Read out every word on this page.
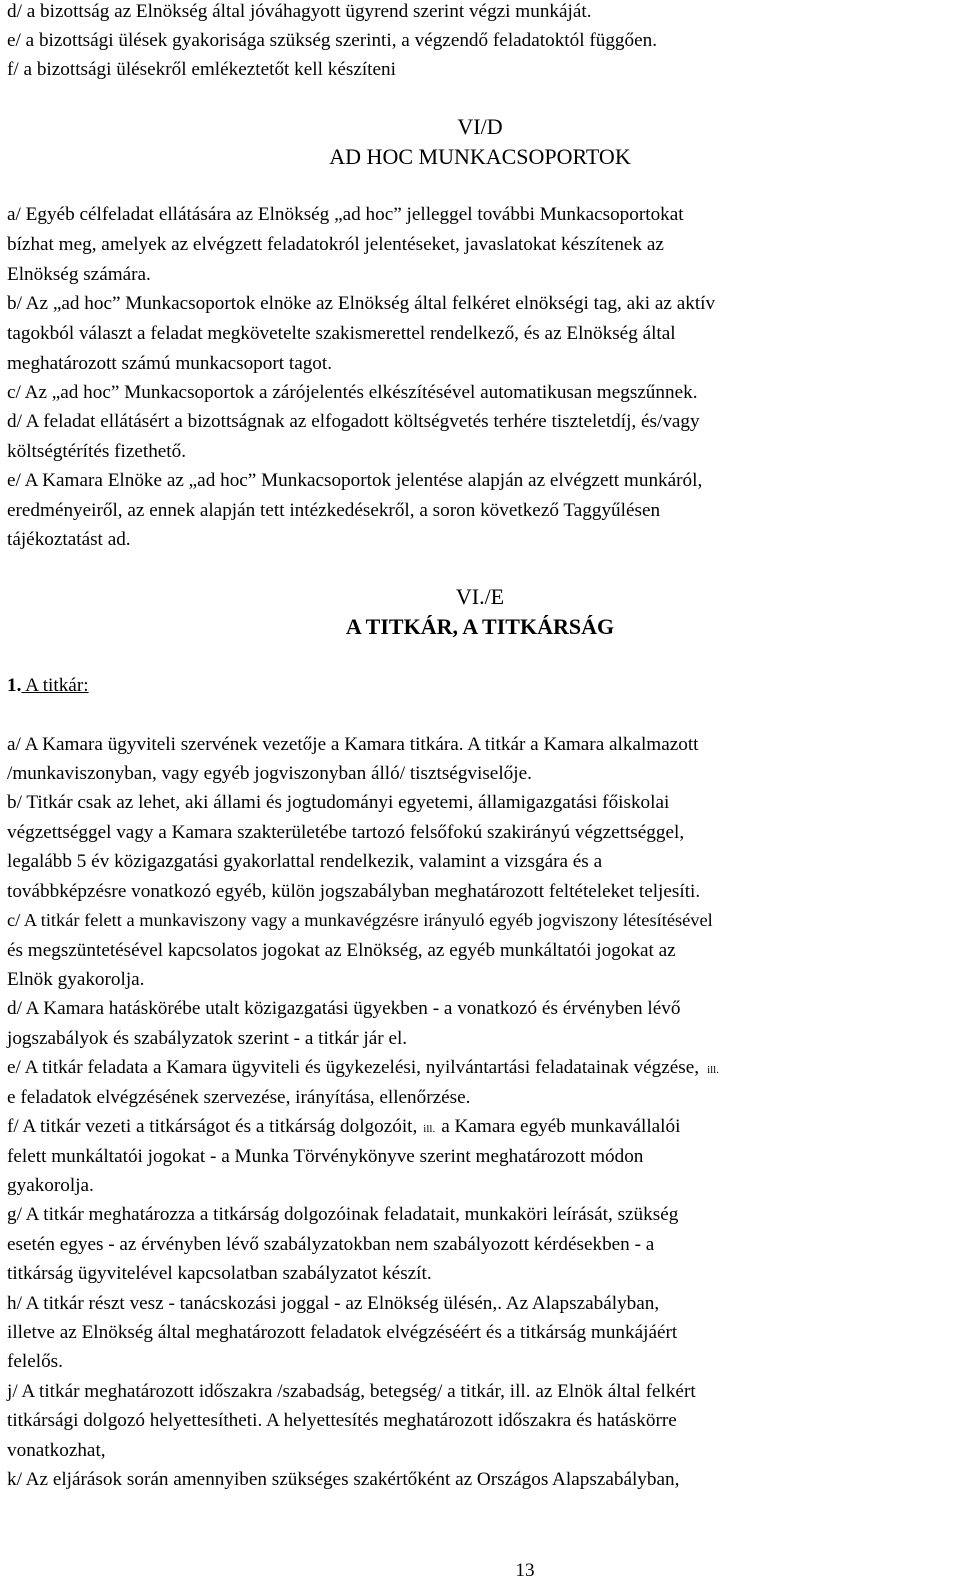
d/ a bizottság az Elnökség által jóváhagyott ügyrend szerint végzi munkáját.
e/ a bizottsági ülések gyakorisága szükség szerinti, a végzendő feladatoktól függően.
f/ a bizottsági ülésekről emlékeztetőt kell készíteni
VI/D
AD HOC MUNKACSOPORTOK
a/ Egyéb célfeladat ellátására az Elnökség „ad hoc” jelleggel további Munkacsoportokat
bízhat meg, amelyek az elvégzett feladatokról jelentéseket, javaslatokat készítenek az
Elnökség számára.
b/ Az „ad hoc” Munkacsoportok elnöke az Elnökség által felkéret elnökségi tag, aki az aktív
tagokból választ a feladat megkövetelte szakismerettel rendelkező, és az Elnökség által
meghatározott számú munkacsoport tagot.
c/ Az „ad hoc” Munkacsoportok a zárójelentés elkészítésével automatikusan megszűnnek.
d/ A feladat ellátásért a bizottságnak az elfogadott költségvetés terhére tiszteletdíj, és/vagy
költségtérítés fizethető.
e/ A Kamara Elnöke az „ad hoc” Munkacsoportok jelentése alapján az elvégzett munkáról,
eredményeiről, az ennek alapján tett intézkedésekről, a soron következő Taggyűlésen
tájékoztatást ad.
VI./E
A TITKÁR, A TITKÁRSÁG
1. A titkár:
a/ A Kamara ügyviteli szervének vezetője a Kamara titkára. A titkár a Kamara alkalmazott
/munkaviszonyban, vagy egyéb jogviszonyban álló/ tisztségviselője.
b/ Titkár csak az lehet, aki állami és jogtudományi egyetemi, államigazgatási főiskolai
végzettséggel vagy a Kamara szakterületébe tartozó felsőfokú szakirányú végzettséggel,
legalább 5 év közigazgatási gyakorlattal rendelkezik, valamint a vizsgára és a
továbbképzésre vonatkozó egyéb, külön jogszabályban meghatározott feltételeket teljesíti.
c/ A titkár felett a munkaviszony vagy a munkavégzésre irányuló egyéb jogviszony létesítésével
és megszüntetésével kapcsolatos jogokat az Elnökség, az egyéb munkáltatói jogokat az
Elnök gyakorolja.
d/ A Kamara hatáskörébe utalt közigazgatási ügyekben - a vonatkozó és érvényben lévő
jogszabályok és szabályzatok szerint - a titkár jár el.
e/ A titkár feladata a Kamara ügyviteli és ügykezelési, nyilvántartási feladatainak végzése, ill.
e feladatok elvégzésének szervezése, irányítása, ellenőrzése.
f/ A titkár vezeti a titkárságot és a titkárság dolgozóit, ill. a Kamara egyéb munkavállalói
felett munkáltatói jogokat - a Munka Törvénykönyve szerint meghatározott módon
gyakorolja.
g/ A titkár meghatározza a titkárság dolgozóinak feladatait, munkaköri leírását, szükség
esetén egyes - az érvényben lévő szabályzatokban nem szabályozott kérdésekben - a
titkárság ügyvitelével kapcsolatban szabályzatot készít.
h/ A titkár részt vesz - tanácskozási joggal - az Elnökség ülésén,. Az Alapszabályban,
illetve az Elnökség által meghatározott feladatok elvégzéséért és a titkárság munkájáért
felelős.
j/ A titkár meghatározott időszakra /szabadság, betegség/ a titkár, ill. az Elnök által felkért
titkársági dolgozó helyettesítheti. A helyettesítés meghatározott időszakra és hatáskörre
vonatkozhat,
k/ Az eljárások során amennyiben szükséges szakértőként az Országos Alapszabályban,
13
